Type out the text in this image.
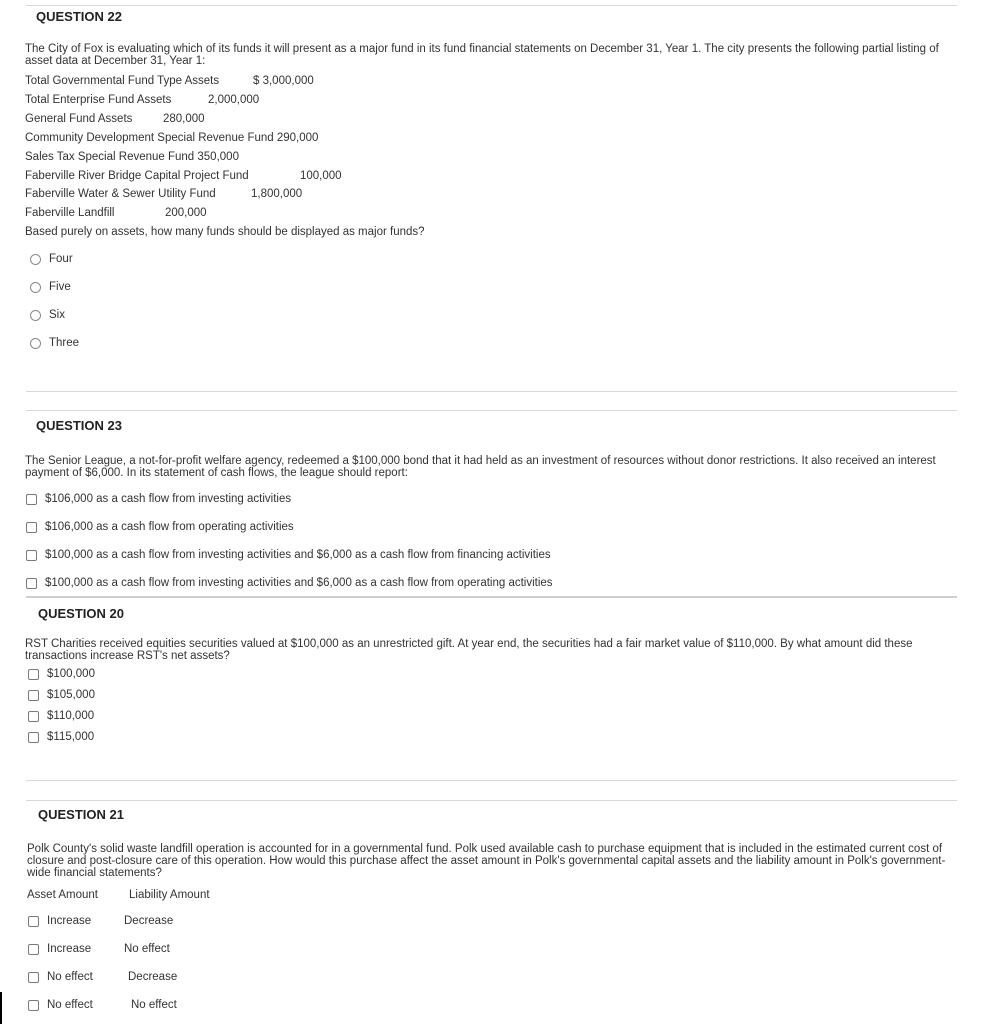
QUESTION 22
The City of Fox is evaluating which of its funds it will present as a major fund in its fund financial statements on December 31, Year 1. The city presents the following partial listing of asset data at December 31, Year 1:
Total Governmental Fund Type Assets	$ 3,000,000
Total Enterprise Fund Assets	2,000,000
General Fund Assets	280,000
Community Development Special Revenue Fund 290,000
Sales Tax Special Revenue Fund 350,000
Faberville River Bridge Capital Project Fund	100,000
Faberville Water & Sewer Utility Fund	1,800,000
Faberville Landfill	200,000
Based purely on assets, how many funds should be displayed as major funds?
Four
Five
Six
Three
QUESTION 23
The Senior League, a not-for-profit welfare agency, redeemed a $100,000 bond that it had held as an investment of resources without donor restrictions. It also received an interest payment of $6,000. In its statement of cash flows, the league should report:
$106,000 as a cash flow from investing activities
$106,000 as a cash flow from operating activities
$100,000 as a cash flow from investing activities and $6,000 as a cash flow from financing activities
$100,000 as a cash flow from investing activities and $6,000 as a cash flow from operating activities
QUESTION 20
RST Charities received equities securities valued at $100,000 as an unrestricted gift. At year end, the securities had a fair market value of $110,000. By what amount did these transactions increase RST's net assets?
$100,000
$105,000
$110,000
$115,000
QUESTION 21
Polk County's solid waste landfill operation is accounted for in a governmental fund. Polk used available cash to purchase equipment that is included in the estimated current cost of closure and post-closure care of this operation. How would this purchase affect the asset amount in Polk's governmental capital assets and the liability amount in Polk's government-wide financial statements?
Asset Amount	Liability Amount
Increase	Decrease
Increase	No effect
No effect	Decrease
No effect	No effect
